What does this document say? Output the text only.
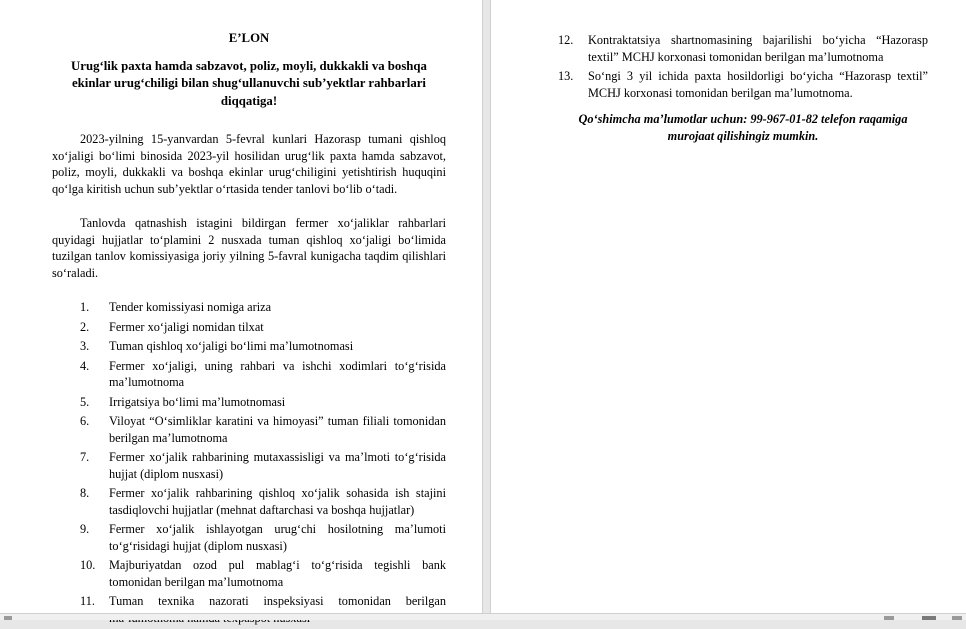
E’LON
Urug‘lik paxta hamda sabzavot, poliz, moyli, dukkakli va boshqa ekinlar urug‘chiligi bilan shug‘ullanuvchi sub’yektlar rahbarlari diqqatiga!

2023-yilning 15-yanvardan 5-fevral kunlari Hazorasp tumani qishloq xo‘jaligi bo‘limi binosida 2023-yil hosilidan urug‘lik paxta hamda sabzavot, poliz, moyli, dukkakli va boshqa ekinlar urug‘chiligini yetishtirish huquqini qo‘lga kiritish uchun sub’yektlar o‘rtasida tender tanlovi bo‘lib o‘tadi.

Tanlovda qatnashish istagini bildirgan fermer xo‘jaliklar rahbarlari quyidagi hujjatlar to‘plamini 2 nusxada tuman qishloq xo‘jaligi bo‘limida tuzilgan tanlov komissiyasiga joriy yilning 5-favral kunigacha taqdim qilishlari so‘raladi.

1. Tender komissiyasi nomiga ariza
2. Fermer xo‘jaligi nomidan tilxat
3. Tuman qishloq xo‘jaligi bo‘limi ma’lumotnomasi
4. Fermer xo‘jaligi, uning rahbari va ishchi xodimlari to‘g‘risida ma’lumotnoma
5. Irrigatsiya bo‘limi ma’lumotnomasi
6. Viloyat “O‘simliklar karatini va himoyasi” tuman filiali tomonidan berilgan ma’lumotnoma
7. Fermer xo‘jalik rahbarining mutaxassisligi va ma’lmoti to‘g‘risida hujjat (diplom nusxasi)
8. Fermer xo‘jalik rahbarining qishloq xo‘jalik sohasida ish stajini tasdiqlovchi hujjatlar (mehnat daftarchasi va boshqa hujjatlar)
9. Fermer xo‘jalik ishlayotgan urug‘chi hosilotning ma’lumoti to‘g‘risidagi hujjat (diplom nusxasi)
10. Majburiyatdan ozod pul mablag‘i to‘g‘risida tegishli bank tomonidan berilgan ma’lumotnoma
11. Tuman texnika nazorati inspeksiyasi tomonidan berilgan
12. Kontraktatsiya shartnomasining bajarilishi bo‘yicha “Hazorasp textil” MCHJ korxonasi tomonidan berilgan ma’lumotnoma
13. So‘ngi 3 yil ichida paxta hosildorligi bo‘yicha “Hazorasp textil” MCHJ korxonasi tomonidan berilgan ma’lumotnoma.
Qo‘shimcha ma’lumotlar uchun: 99-967-01-82 telefon raqamiga murojaat qilishingiz mumkin.
